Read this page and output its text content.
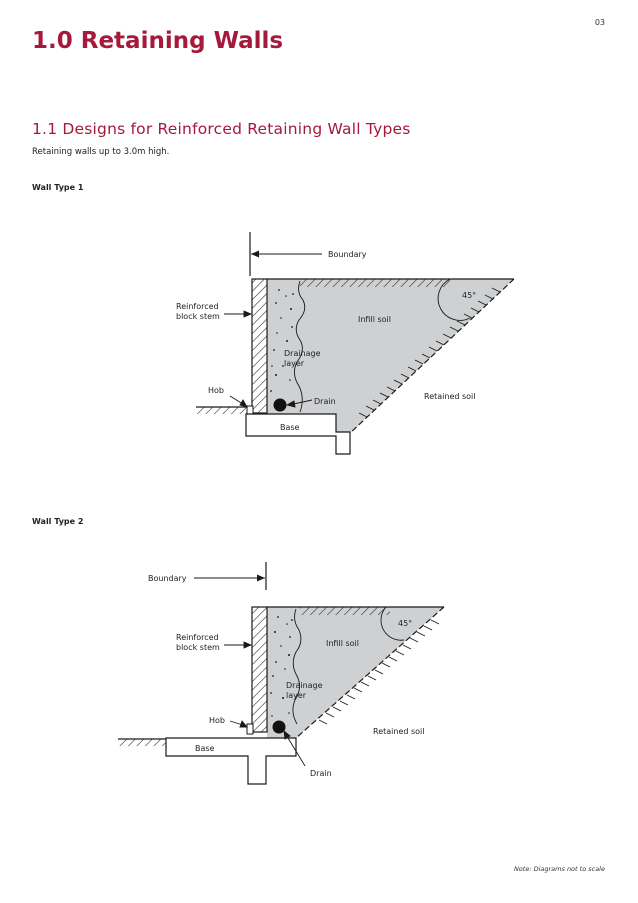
03
1.0 Retaining Walls
1.1 Designs for Reinforced Retaining Wall Types
Retaining walls up to 3.0m high.
Wall Type 1
Boundary
45°
Reinforced
block stem	Infill soil
Drainage
layer
Hob
Drain
Retained soil
Base
Wall Type 2
Boundary
45°
Reinforced
block stem	Infill soil
Drainage
layer
Hob
Base
Retained soil
Drain
Note: Diagrams not to scale
